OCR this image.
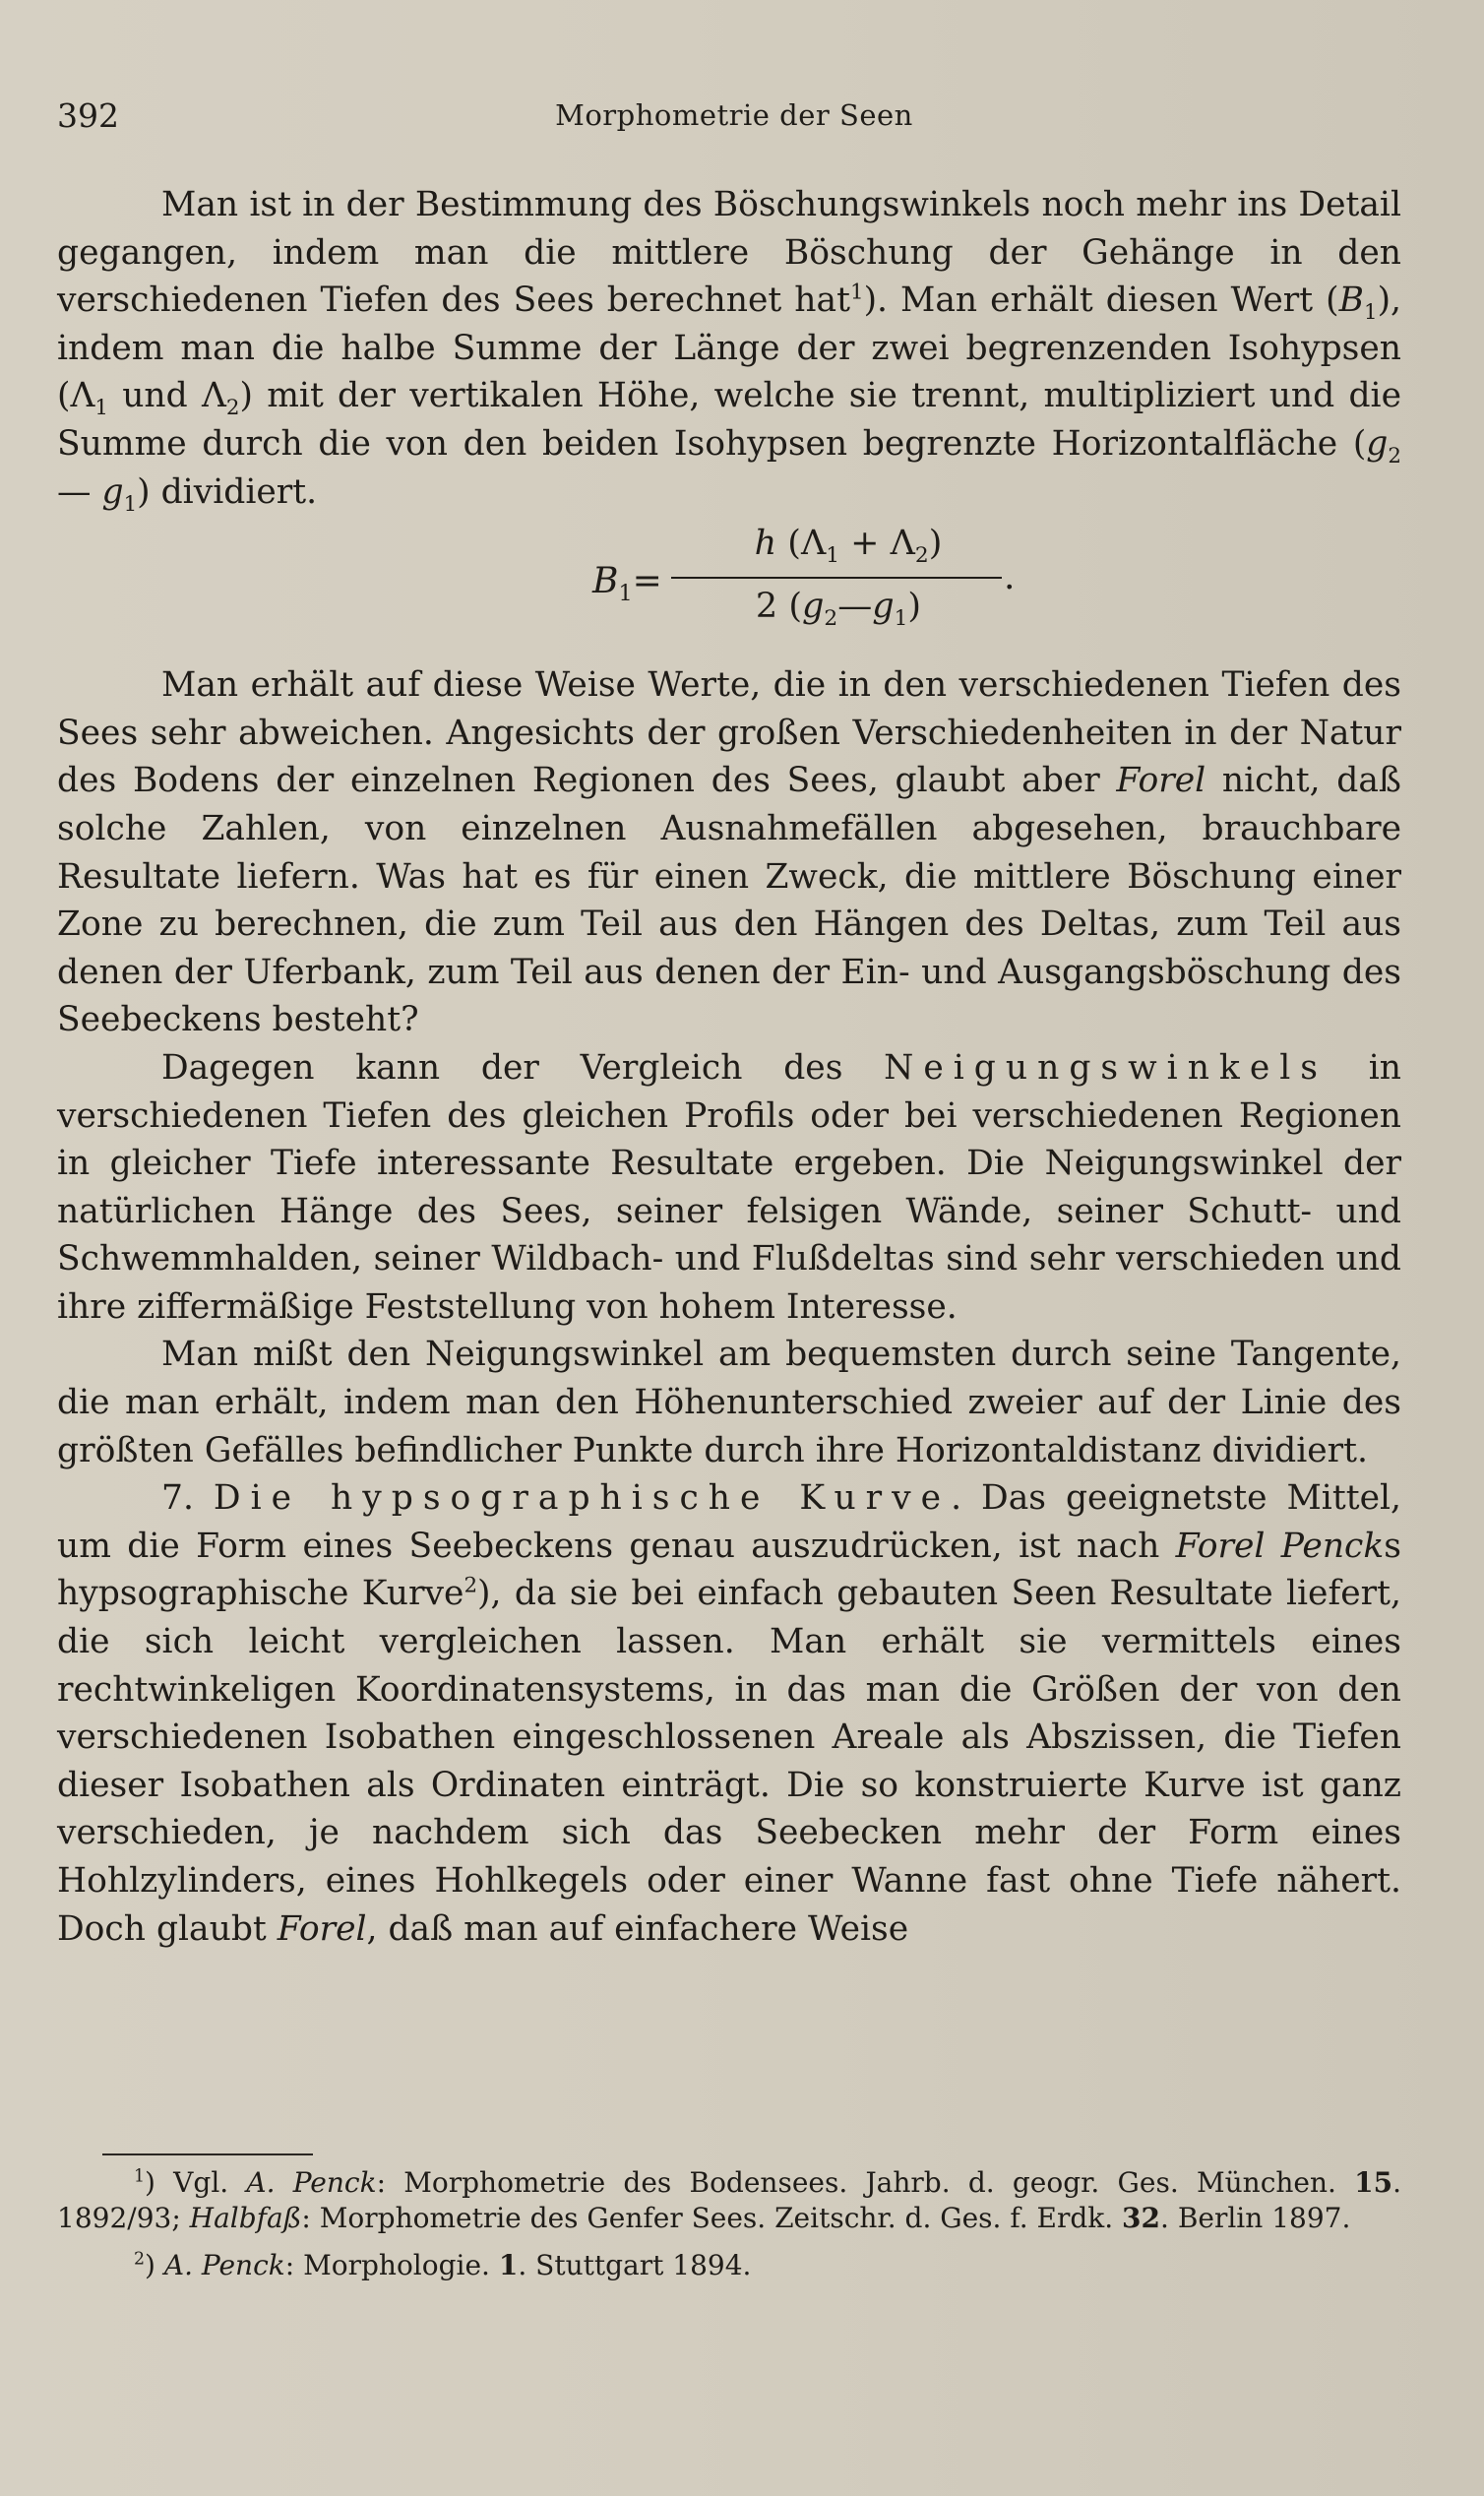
392	Morphometrie der Seen

Man ist in der Bestimmung des Böschungswinkels noch mehr ins Detail gegangen, indem man die mittlere Böschung der Gehänge in den verschiedenen Tiefen des Sees berechnet hat$^1$). Man erhält diesen Wert $(B_1)$, indem man die halbe Summe der Länge der zwei begrenzenden Isohypsen ($\Lambda_1$ und $\Lambda_2$) mit der vertikalen Höhe, welche sie trennt, multipliziert und die Summe durch die von den beiden Isohypsen begrenzte Horizontalfläche ($g_2$ — $g_1$) dividiert.

$B_1=$
h $(\Lambda_1 + \Lambda_2)$
2 $(g_2—g_1)$
.

Man erhält auf diese Weise Werte, die in den verschiedenen Tiefen des Sees sehr abweichen. Angesichts der großen Verschiedenheiten in der Natur des Bodens der einzelnen Regionen des Sees, glaubt aber Forel nicht, daß solche Zahlen, von einzelnen Ausnahmefällen abgesehen, brauchbare Resultate liefern. Was hat es für einen Zweck, die mittlere Böschung einer Zone zu berechnen, die zum Teil aus den Hängen des Deltas, zum Teil aus denen der Uferbank, zum Teil aus denen der Ein- und Ausgangsböschung des Seebeckens besteht?

Dagegen kann der Vergleich des Neigungswinkels in verschiedenen Tiefen des gleichen Profils oder bei verschiedenen Regionen in gleicher Tiefe interessante Resultate ergeben. Die Neigungswinkel der natürlichen Hänge des Sees, seiner felsigen Wände, seiner Schutt- und Schwemmhalden, seiner Wildbach- und Flußdeltas sind sehr verschieden und ihre ziffermäßige Feststellung von hohem Interesse.

Man mißt den Neigungswinkel am bequemsten durch seine Tangente, die man erhält, indem man den Höhenunterschied zweier auf der Linie des größten Gefälles befindlicher Punkte durch ihre Horizontaldistanz dividiert.

7. Die hypsographische Kurve. Das geeignetste Mittel, um die Form eines Seebeckens genau auszudrücken, ist nach Forel Pencks hypsographische Kurve$^2$), da sie bei einfach gebauten Seen Resultate liefert, die sich leicht vergleichen lassen. Man erhält sie vermittels eines rechtwinkeligen Koordinatensystems, in das man die Größen der von den verschiedenen Isobathen eingeschlossenen Areale als Abszissen, die Tiefen dieser Isobathen als Ordinaten einträgt. Die so konstruierte Kurve ist ganz verschieden, je nachdem sich das Seebecken mehr der Form eines Hohlzylinders, eines Hohlkegels oder einer Wanne fast ohne Tiefe nähert. Doch glaubt Forel, daß man auf einfachere Weise

$^1$) Vgl. A. Penck: Morphometrie des Bodensees. Jahrb. d. geogr. Ges. München. 15. 1892/93; Halbfaß: Morphometrie des Genfer Sees. Zeitschr. d. Ges. f. Erdk. 32. Berlin 1897.

$^2$) A. Penck: Morphologie. 1. Stuttgart 1894.
